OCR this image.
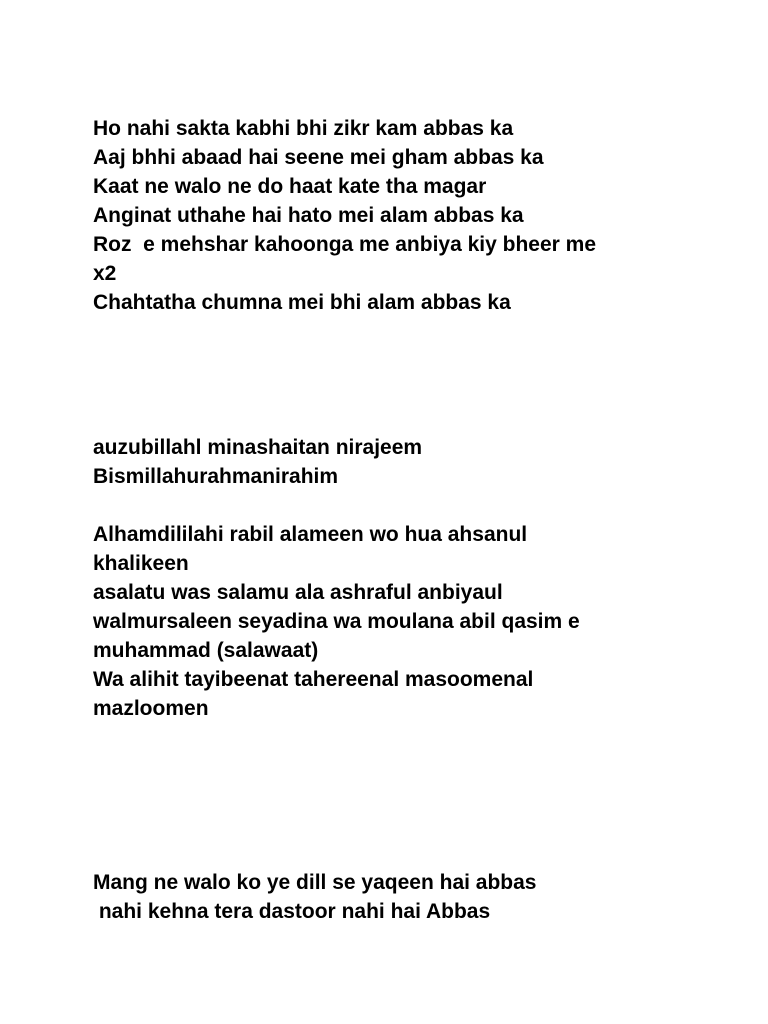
Ho nahi sakta kabhi bhi zikr kam abbas ka
Aaj bhhi abaad hai seene mei gham abbas ka
Kaat ne walo ne do haat kate tha magar
Anginat uthahe hai hato mei alam abbas ka
Roz  e mehshar kahoonga me anbiya kiy bheer me
x2
Chahtatha chumna mei bhi alam abbas ka
auzubillahl minashaitan nirajeem
Bismillahurahmanirahim
Alhamdililahi rabil alameen wo hua ahsanul
khalikeen
asalatu was salamu ala ashraful anbiyaul
walmursaleen seyadina wa moulana abil qasim e
muhammad (salawaat)
Wa alihit tayibeenat tahereenal masoomenal
mazloomen
Mang ne walo ko ye dill se yaqeen hai abbas
nahi kehna tera dastoor nahi hai Abbas
